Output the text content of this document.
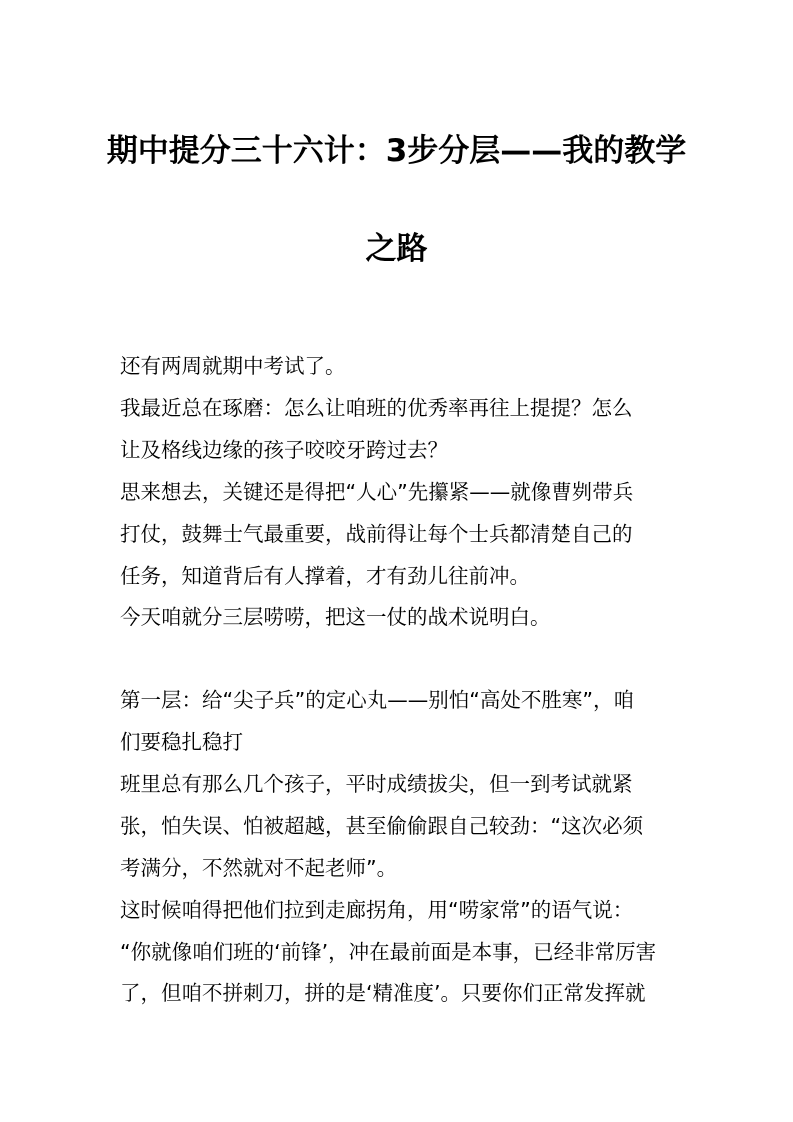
期中提分三十六计：3步分层——我的教学
之路
还有两周就期中考试了。
我最近总在琢磨：怎么让咱班的优秀率再往上提提？怎么
让及格线边缘的孩子咬咬牙跨过去？
思来想去，关键还是得把“人心”先攥紧——就像曹刿带兵
打仗，鼓舞士气最重要，战前得让每个士兵都清楚自己的
任务，知道背后有人撑着，才有劲儿往前冲。
今天咱就分三层唠唠，把这一仗的战术说明白。
第一层：给“尖子兵”的定心丸——别怕“高处不胜寒”，咱
们要稳扎稳打
班里总有那么几个孩子，平时成绩拔尖，但一到考试就紧
张，怕失误、怕被超越，甚至偷偷跟自己较劲：“这次必须
考满分，不然就对不起老师”。
这时候咱得把他们拉到走廊拐角，用“唠家常”的语气说：
“你就像咱们班的‘前锋’，冲在最前面是本事，已经非常厉害
了，但咱不拼刺刀，拼的是‘精准度’。只要你们正常发挥就
